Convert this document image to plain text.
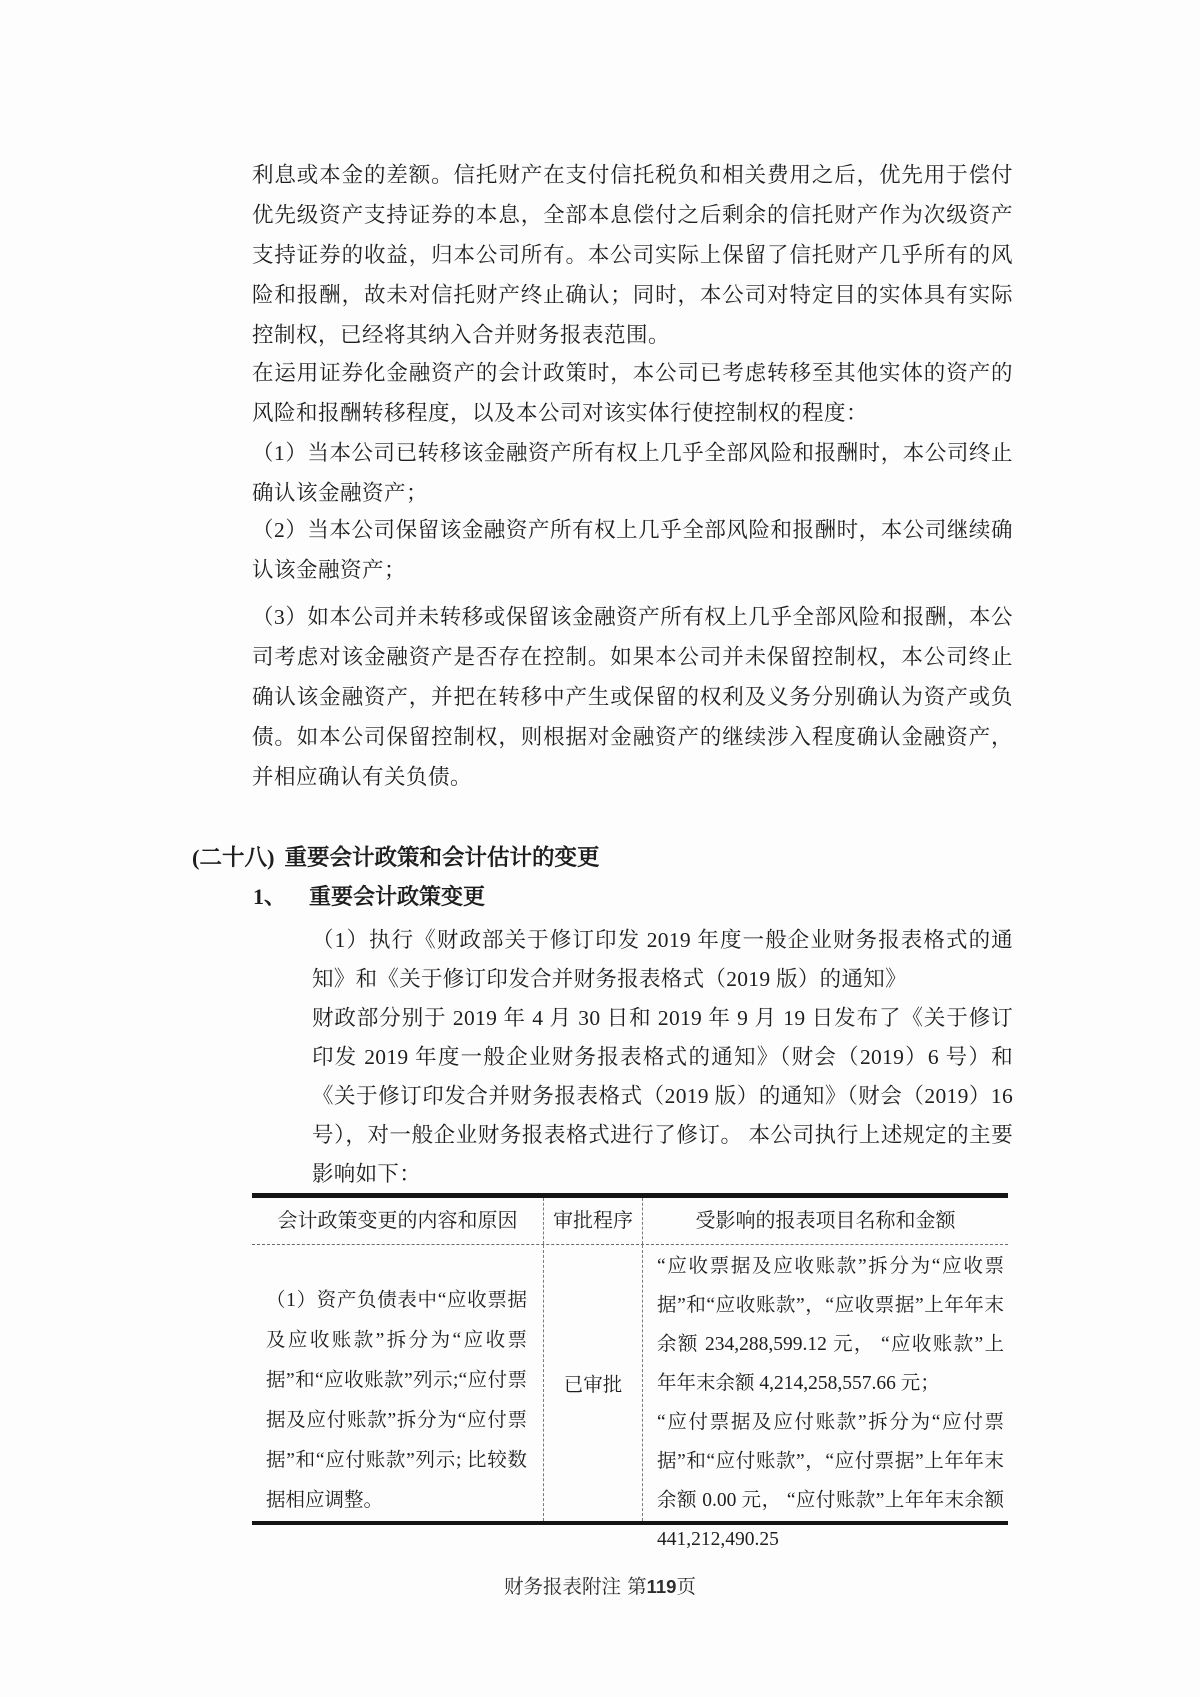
利息或本金的差额。信托财产在支付信托税负和相关费用之后，优先用于偿付优先级资产支持证券的本息，全部本息偿付之后剩余的信托财产作为次级资产支持证券的收益，归本公司所有。本公司实际上保留了信托财产几乎所有的风险和报酬，故未对信托财产终止确认；同时，本公司对特定目的实体具有实际控制权，已经将其纳入合并财务报表范围。
在运用证券化金融资产的会计政策时，本公司已考虑转移至其他实体的资产的风险和报酬转移程度，以及本公司对该实体行使控制权的程度：
（1）当本公司已转移该金融资产所有权上几乎全部风险和报酬时，本公司终止确认该金融资产；
（2）当本公司保留该金融资产所有权上几乎全部风险和报酬时，本公司继续确认该金融资产；
（3）如本公司并未转移或保留该金融资产所有权上几乎全部风险和报酬，本公司考虑对该金融资产是否存在控制。如果本公司并未保留控制权，本公司终止确认该金融资产，并把在转移中产生或保留的权利及义务分别确认为资产或负债。如本公司保留控制权，则根据对金融资产的继续涉入程度确认金融资产，并相应确认有关负债。
(二十八) 重要会计政策和会计估计的变更
1、 重要会计政策变更
（1）执行《财政部关于修订印发 2019 年度一般企业财务报表格式的通知》和《关于修订印发合并财务报表格式（2019 版）的通知》
财政部分别于 2019 年 4 月 30 日和 2019 年 9 月 19 日发布了《关于修订印发 2019 年度一般企业财务报表格式的通知》（财会（2019）6 号）和《关于修订印发合并财务报表格式（2019 版）的通知》（财会（2019）16 号），对一般企业财务报表格式进行了修订。 本公司执行上述规定的主要影响如下：
会计政策变更的内容和原因	审批程序	受影响的报表项目名称和金额
（1）资产负债表中“应收票据及应收账款”拆分为“应收票据”和“应收账款”列示;“应付票据及应付账款”拆分为“应付票据”和“应付账款”列示; 比较数据相应调整。
已审批

“应收票据及应收账款”拆分为“应收票据”和“应收账款”，“应收票据”上年年末余额 234,288,599.12 元， “应收账款”上年年末余额 4,214,258,557.66 元；

“应付票据及应付账款”拆分为“应付票据”和“应付账款”，“应付票据”上年年末余额 0.00 元， “应付账款”上年年末余额 441,212,490.25

财务报表附注 第119页
